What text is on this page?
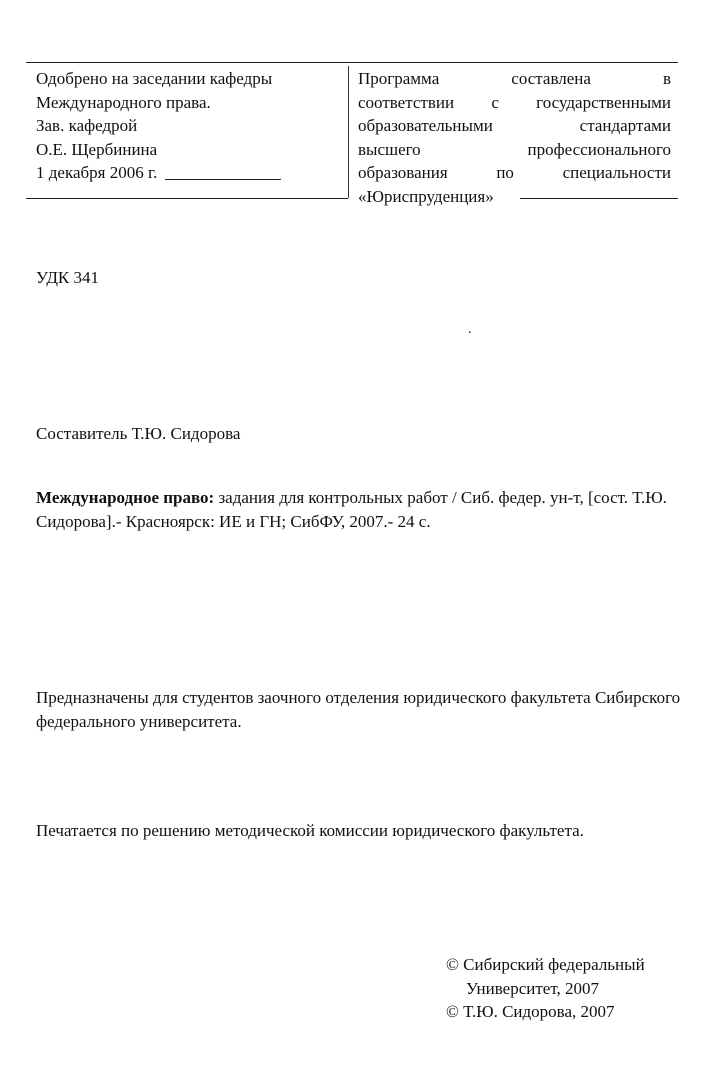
Одобрено на заседании кафедры
Международного права.
Зав. кафедрой
О.Е. Щербинина
1 декабря 2006 г.
Программа составлена в
соответствии с государственными
образовательными стандартами
высшего профессионального
образования по специальности
«Юриспруденция»
УДК 341
.
Составитель Т.Ю. Сидорова
Международное право: задания для контрольных работ / Сиб. федер. ун-т, [сост. Т.Ю. Сидорова].- Красноярск: ИЕ и ГН; СибФУ, 2007.- 24 с.
Предназначены для студентов заочного отделения юридического факультета Сибирского федерального университета.
Печатается по решению методической комиссии юридического факультета.
© Сибирский федеральный
Университет, 2007
© Т.Ю. Сидорова, 2007
